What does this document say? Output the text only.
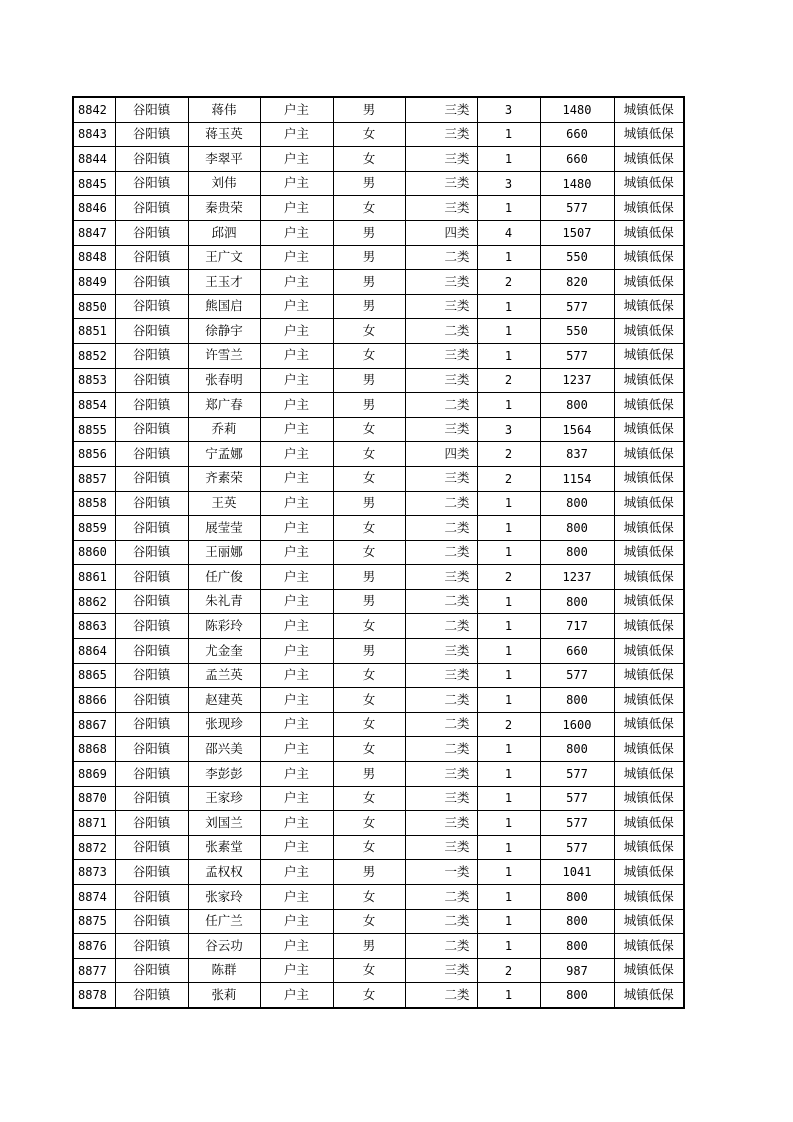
8842	谷阳镇	蒋伟	户主	男	三类	3	1480	城镇低保
8843	谷阳镇	蒋玉英	户主	女	三类	1	660	城镇低保
8844	谷阳镇	李翠平	户主	女	三类	1	660	城镇低保
8845	谷阳镇	刘伟	户主	男	三类	3	1480	城镇低保
8846	谷阳镇	秦贵荣	户主	女	三类	1	577	城镇低保
8847	谷阳镇	邱泗	户主	男	四类	4	1507	城镇低保
8848	谷阳镇	王广文	户主	男	二类	1	550	城镇低保
8849	谷阳镇	王玉才	户主	男	三类	2	820	城镇低保
8850	谷阳镇	熊国启	户主	男	三类	1	577	城镇低保
8851	谷阳镇	徐静宇	户主	女	二类	1	550	城镇低保
8852	谷阳镇	许雪兰	户主	女	三类	1	577	城镇低保
8853	谷阳镇	张春明	户主	男	三类	2	1237	城镇低保
8854	谷阳镇	郑广春	户主	男	二类	1	800	城镇低保
8855	谷阳镇	乔莉	户主	女	三类	3	1564	城镇低保
8856	谷阳镇	宁孟娜	户主	女	四类	2	837	城镇低保
8857	谷阳镇	齐素荣	户主	女	三类	2	1154	城镇低保
8858	谷阳镇	王英	户主	男	二类	1	800	城镇低保
8859	谷阳镇	展莹莹	户主	女	二类	1	800	城镇低保
8860	谷阳镇	王丽娜	户主	女	二类	1	800	城镇低保
8861	谷阳镇	任广俊	户主	男	三类	2	1237	城镇低保
8862	谷阳镇	朱礼青	户主	男	二类	1	800	城镇低保
8863	谷阳镇	陈彩玲	户主	女	二类	1	717	城镇低保
8864	谷阳镇	尤金奎	户主	男	三类	1	660	城镇低保
8865	谷阳镇	孟兰英	户主	女	三类	1	577	城镇低保
8866	谷阳镇	赵建英	户主	女	二类	1	800	城镇低保
8867	谷阳镇	张现珍	户主	女	二类	2	1600	城镇低保
8868	谷阳镇	邵兴美	户主	女	二类	1	800	城镇低保
8869	谷阳镇	李彭彭	户主	男	三类	1	577	城镇低保
8870	谷阳镇	王家珍	户主	女	三类	1	577	城镇低保
8871	谷阳镇	刘国兰	户主	女	三类	1	577	城镇低保
8872	谷阳镇	张素堂	户主	女	三类	1	577	城镇低保
8873	谷阳镇	孟权权	户主	男	一类	1	1041	城镇低保
8874	谷阳镇	张家玲	户主	女	二类	1	800	城镇低保
8875	谷阳镇	任广兰	户主	女	二类	1	800	城镇低保
8876	谷阳镇	谷云功	户主	男	二类	1	800	城镇低保
8877	谷阳镇	陈群	户主	女	三类	2	987	城镇低保
8878	谷阳镇	张莉	户主	女	二类	1	800	城镇低保
